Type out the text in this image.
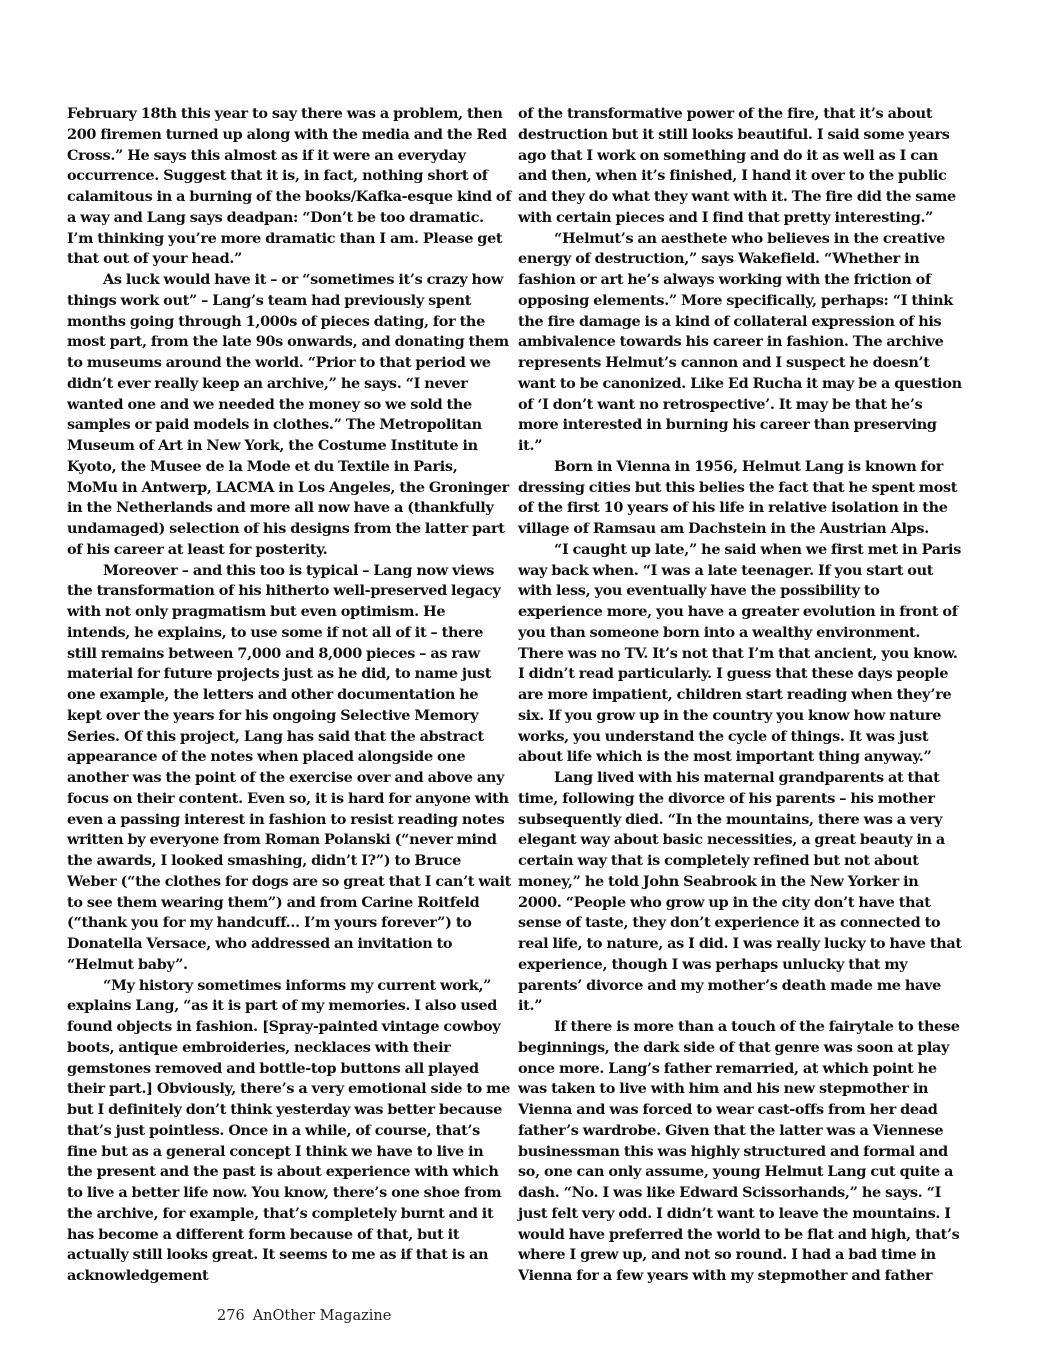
February 18th this year to say there was a problem, then 200 firemen turned up along with the media and the Red Cross.” He says this almost as if it were an everyday occurrence. Suggest that it is, in fact, nothing short of calamitous in a burning of the books/Kafka-esque kind of a way and Lang says deadpan: “Don’t be too dramatic. I’m thinking you’re more dramatic than I am. Please get that out of your head.”

As luck would have it – or “sometimes it’s crazy how things work out” – Lang’s team had previously spent months going through 1,000s of pieces dating, for the most part, from the late 90s onwards, and donating them to museums around the world. “Prior to that period we didn’t ever really keep an archive,” he says. “I never wanted one and we needed the money so we sold the samples or paid models in clothes.” The Metropolitan Museum of Art in New York, the Costume Institute in Kyoto, the Musee de la Mode et du Textile in Paris, MoMu in Antwerp, LACMA in Los Angeles, the Groninger in the Netherlands and more all now have a (thankfully undamaged) selection of his designs from the latter part of his career at least for posterity.

Moreover – and this too is typical – Lang now views the transformation of his hitherto well-preserved legacy with not only pragmatism but even optimism. He intends, he explains, to use some if not all of it – there still remains between 7,000 and 8,000 pieces – as raw material for future projects just as he did, to name just one example, the letters and other documentation he kept over the years for his ongoing Selective Memory Series. Of this project, Lang has said that the abstract appearance of the notes when placed alongside one another was the point of the exercise over and above any focus on their content. Even so, it is hard for anyone with even a passing interest in fashion to resist reading notes written by everyone from Roman Polanski (“never mind the awards, I looked smashing, didn’t I?”) to Bruce Weber (“the clothes for dogs are so great that I can’t wait to see them wearing them”) and from Carine Roitfeld (“thank you for my handcuff... I’m yours forever”) to Donatella Versace, who addressed an invitation to “Helmut baby”.

“My history sometimes informs my current work,” explains Lang, “as it is part of my memories. I also used found objects in fashion. [Spray-painted vintage cowboy boots, antique embroideries, necklaces with their gemstones removed and bottle-top buttons all played their part.] Obviously, there’s a very emotional side to me but I definitely don’t think yesterday was better because that’s just pointless. Once in a while, of course, that’s fine but as a general concept I think we have to live in the present and the past is about experience with which to live a better life now. You know, there’s one shoe from the archive, for example, that’s completely burnt and it has become a different form because of that, but it actually still looks great. It seems to me as if that is an acknowledgement

of the transformative power of the fire, that it’s about destruction but it still looks beautiful. I said some years ago that I work on something and do it as well as I can and then, when it’s finished, I hand it over to the public and they do what they want with it. The fire did the same with certain pieces and I find that pretty interesting.”

“Helmut’s an aesthete who believes in the creative energy of destruction,” says Wakefield. “Whether in fashion or art he’s always working with the friction of opposing elements.” More specifically, perhaps: “I think the fire damage is a kind of collateral expression of his ambivalence towards his career in fashion. The archive represents Helmut’s cannon and I suspect he doesn’t want to be canonized. Like Ed Rucha it may be a question of ‘I don’t want no retrospective’. It may be that he’s more interested in burning his career than preserving it.”

Born in Vienna in 1956, Helmut Lang is known for dressing cities but this belies the fact that he spent most of the first 10 years of his life in relative isolation in the village of Ramsau am Dachstein in the Austrian Alps.

“I caught up late,” he said when we first met in Paris way back when. “I was a late teenager. If you start out with less, you eventually have the possibility to experience more, you have a greater evolution in front of you than someone born into a wealthy environment. There was no TV. It’s not that I’m that ancient, you know. I didn’t read particularly. I guess that these days people are more impatient, children start reading when they’re six. If you grow up in the country you know how nature works, you understand the cycle of things. It was just about life which is the most important thing anyway.”

Lang lived with his maternal grandparents at that time, following the divorce of his parents – his mother subsequently died. “In the mountains, there was a very elegant way about basic necessities, a great beauty in a certain way that is completely refined but not about money,” he told John Seabrook in the New Yorker in 2000. “People who grow up in the city don’t have that sense of taste, they don’t experience it as connected to real life, to nature, as I did. I was really lucky to have that experience, though I was perhaps unlucky that my parents’ divorce and my mother’s death made me have it.”

If there is more than a touch of the fairytale to these beginnings, the dark side of that genre was soon at play once more. Lang’s father remarried, at which point he was taken to live with him and his new stepmother in Vienna and was forced to wear cast-offs from her dead father’s wardrobe. Given that the latter was a Viennese businessman this was highly structured and formal and so, one can only assume, young Helmut Lang cut quite a dash. “No. I was like Edward Scissorhands,” he says. “I just felt very odd. I didn’t want to leave the mountains. I would have preferred the world to be flat and high, that’s where I grew up, and not so round. I had a bad time in Vienna for a few years with my stepmother and father

276 AnOther Magazine
